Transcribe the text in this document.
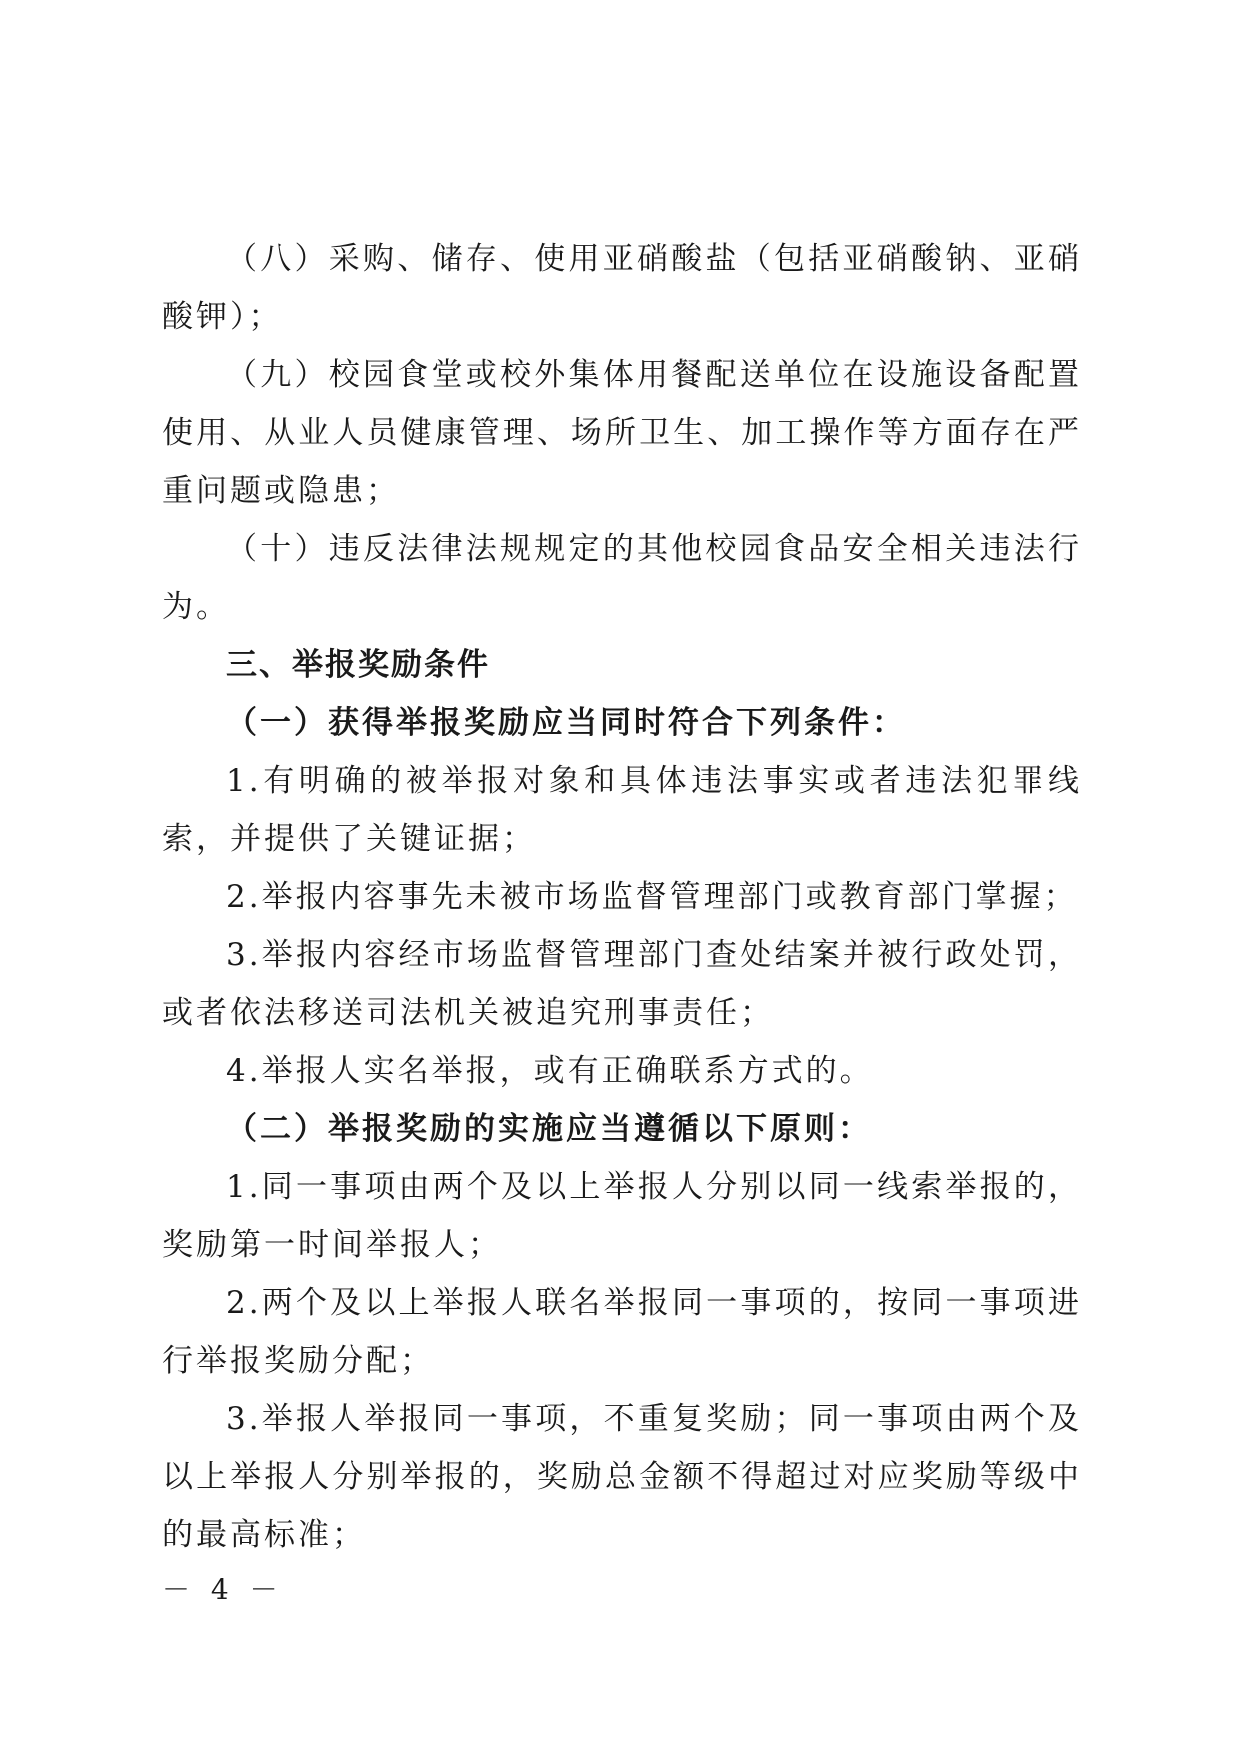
（八）采购、储存、使用亚硝酸盐（包括亚硝酸钠、亚硝酸钾）；

（九）校园食堂或校外集体用餐配送单位在设施设备配置使用、从业人员健康管理、场所卫生、加工操作等方面存在严重问题或隐患；

（十）违反法律法规规定的其他校园食品安全相关违法行为。

三、举报奖励条件

（一）获得举报奖励应当同时符合下列条件：

1.有明确的被举报对象和具体违法事实或者违法犯罪线索，并提供了关键证据；

2.举报内容事先未被市场监督管理部门或教育部门掌握；

3.举报内容经市场监督管理部门查处结案并被行政处罚，或者依法移送司法机关被追究刑事责任；

4.举报人实名举报，或有正确联系方式的。

（二）举报奖励的实施应当遵循以下原则：

1.同一事项由两个及以上举报人分别以同一线索举报的，奖励第一时间举报人；

2.两个及以上举报人联名举报同一事项的，按同一事项进行举报奖励分配；

3.举报人举报同一事项，不重复奖励；同一事项由两个及以上举报人分别举报的，奖励总金额不得超过对应奖励等级中的最高标准；

－ 4 －
